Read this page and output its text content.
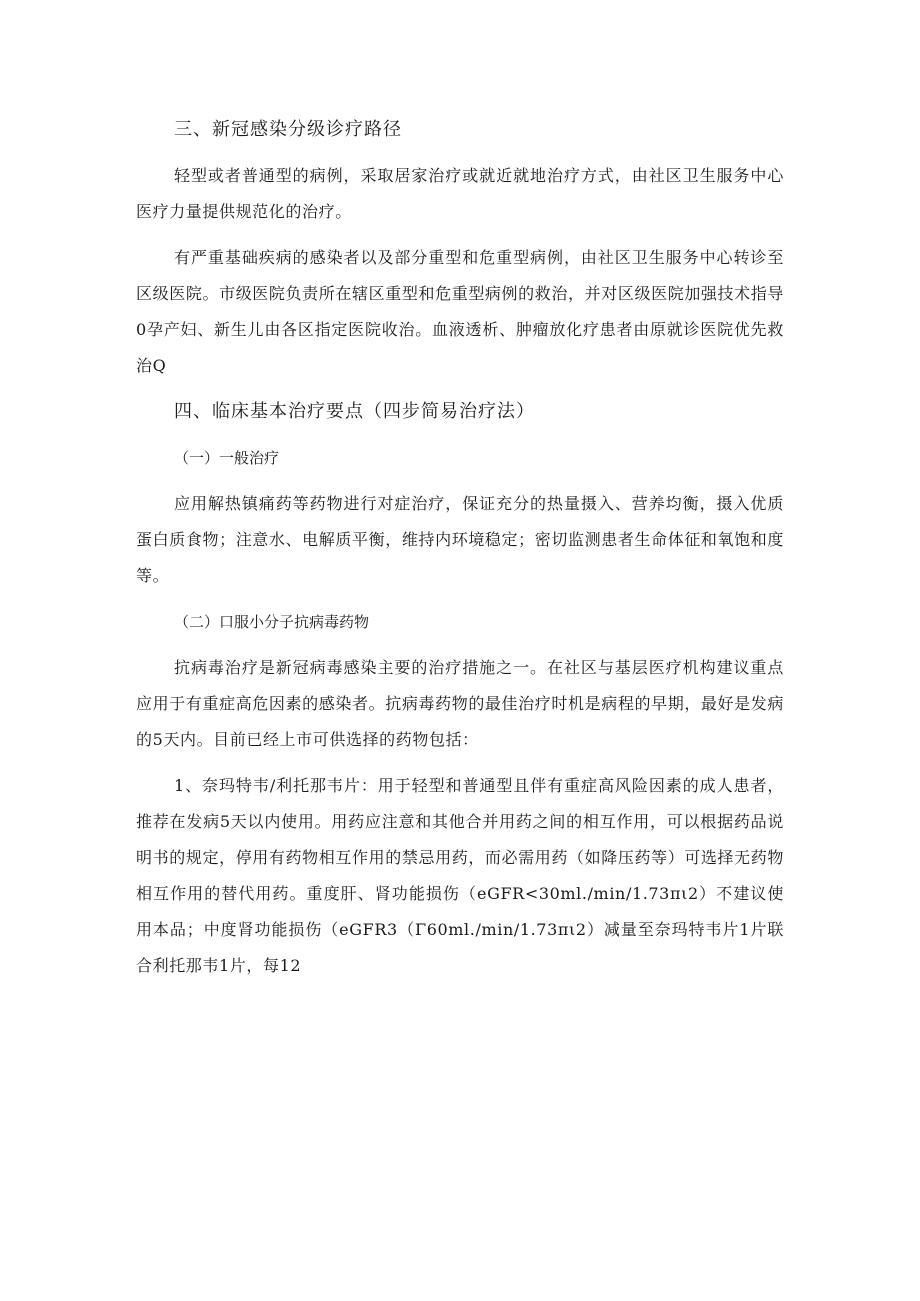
三、新冠感染分级诊疗路径

轻型或者普通型的病例，采取居家治疗或就近就地治疗方式，由社区卫生服务中心医疗力量提供规范化的治疗。

有严重基础疾病的感染者以及部分重型和危重型病例，由社区卫生服务中心转诊至区级医院。市级医院负责所在辖区重型和危重型病例的救治，并对区级医院加强技术指导0孕产妇、新生儿由各区指定医院收治。血液透析、肿瘤放化疗患者由原就诊医院优先救治Q

四、临床基本治疗要点（四步简易治疗法）
（一）一般治疗

应用解热镇痛药等药物进行对症治疗，保证充分的热量摄入、营养均衡，摄入优质蛋白质食物；注意水、电解质平衡，维持内环境稳定；密切监测患者生命体征和氧饱和度等。

（二）口服小分子抗病毒药物

抗病毒治疗是新冠病毒感染主要的治疗措施之一。在社区与基层医疗机构建议重点应用于有重症高危因素的感染者。抗病毒药物的最佳治疗时机是病程的早期，最好是发病的5天内。目前已经上市可供选择的药物包括：

1、奈玛特韦/利托那韦片：用于轻型和普通型且伴有重症高风险因素的成人患者，推荐在发病5天以内使用。用药应注意和其他合并用药之间的相互作用，可以根据药品说明书的规定，停用有药物相互作用的禁忌用药，而必需用药（如降压药等）可选择无药物相互作用的替代用药。重度肝、肾功能损伤（eGFR<30ml./min/1.73πι2）不建议使用本品；中度肾功能损伤（eGFR3（Γ60ml./min/1.73πι2）减量至奈玛特韦片1片联合利托那韦1片，每12
